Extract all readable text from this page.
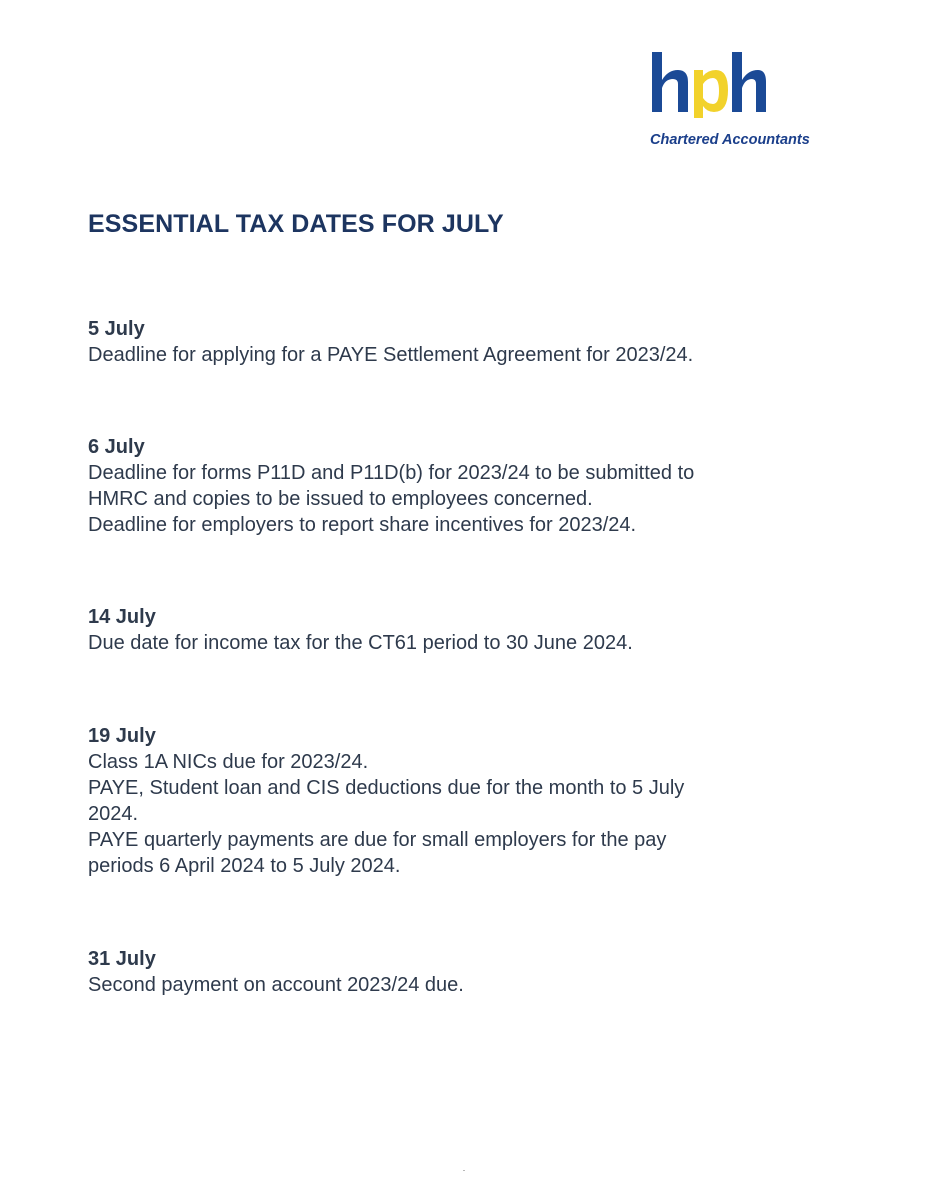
Chartered Accountants
ESSENTIAL TAX DATES FOR JULY
5 July
Deadline for applying for a PAYE Settlement Agreement for 2023/24.
6 July
Deadline for forms P11D and P11D(b) for 2023/24 to be submitted to
HMRC and copies to be issued to employees concerned.
Deadline for employers to report share incentives for 2023/24.
14 July
Due date for income tax for the CT61 period to 30 June 2024.
19 July
Class 1A NICs due for 2023/24.
PAYE, Student loan and CIS deductions due for the month to 5 July
2024.
PAYE quarterly payments are due for small employers for the pay
periods 6 April 2024 to 5 July 2024.
31 July
Second payment on account 2023/24 due.
